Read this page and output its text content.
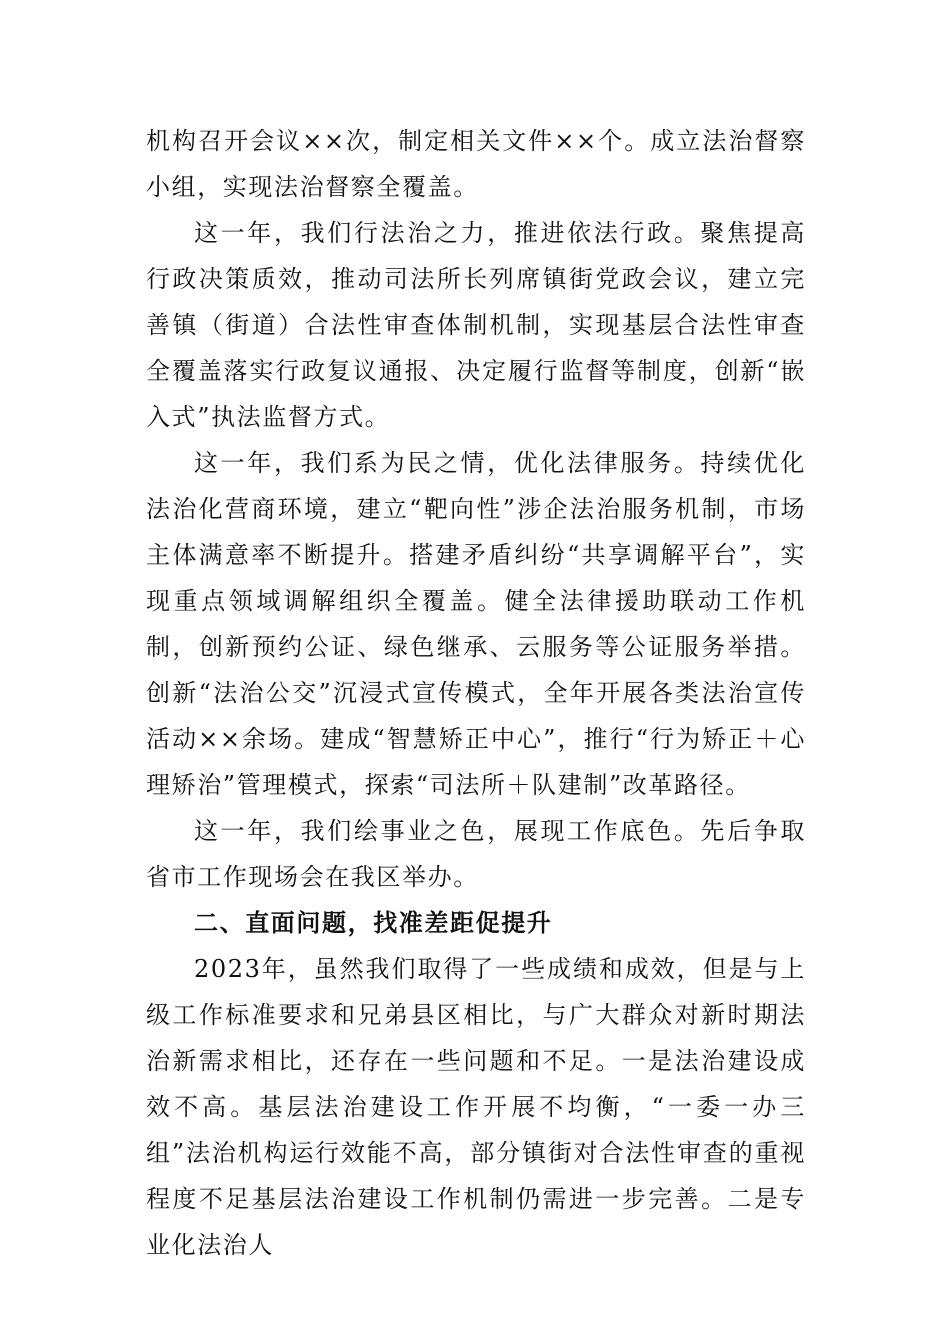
机构召开会议××次，制定相关文件××个。成立法治督察小组，实现法治督察全覆盖。

这一年，我们行法治之力，推进依法行政。聚焦提高行政决策质效，推动司法所长列席镇街党政会议，建立完善镇（街道）合法性审查体制机制，实现基层合法性审查全覆盖落实行政复议通报、决定履行监督等制度，创新“嵌入式”执法监督方式。

这一年，我们系为民之情，优化法律服务。持续优化法治化营商环境，建立“靶向性”涉企法治服务机制，市场主体满意率不断提升。搭建矛盾纠纷“共享调解平台”，实现重点领域调解组织全覆盖。健全法律援助联动工作机制，创新预约公证、绿色继承、云服务等公证服务举措。创新“法治公交”沉浸式宣传模式，全年开展各类法治宣传活动××余场。建成“智慧矫正中心”，推行“行为矫正＋心理矫治”管理模式，探索“司法所＋队建制”改革路径。

这一年，我们绘事业之色，展现工作底色。先后争取省市工作现场会在我区举办。

二、直面问题，找准差距促提升

2023年，虽然我们取得了一些成绩和成效，但是与上级工作标准要求和兄弟县区相比，与广大群众对新时期法治新需求相比，还存在一些问题和不足。一是法治建设成效不高。基层法治建设工作开展不均衡，“一委一办三组”法治机构运行效能不高，部分镇街对合法性审查的重视程度不足基层法治建设工作机制仍需进一步完善。二是专业化法治人
